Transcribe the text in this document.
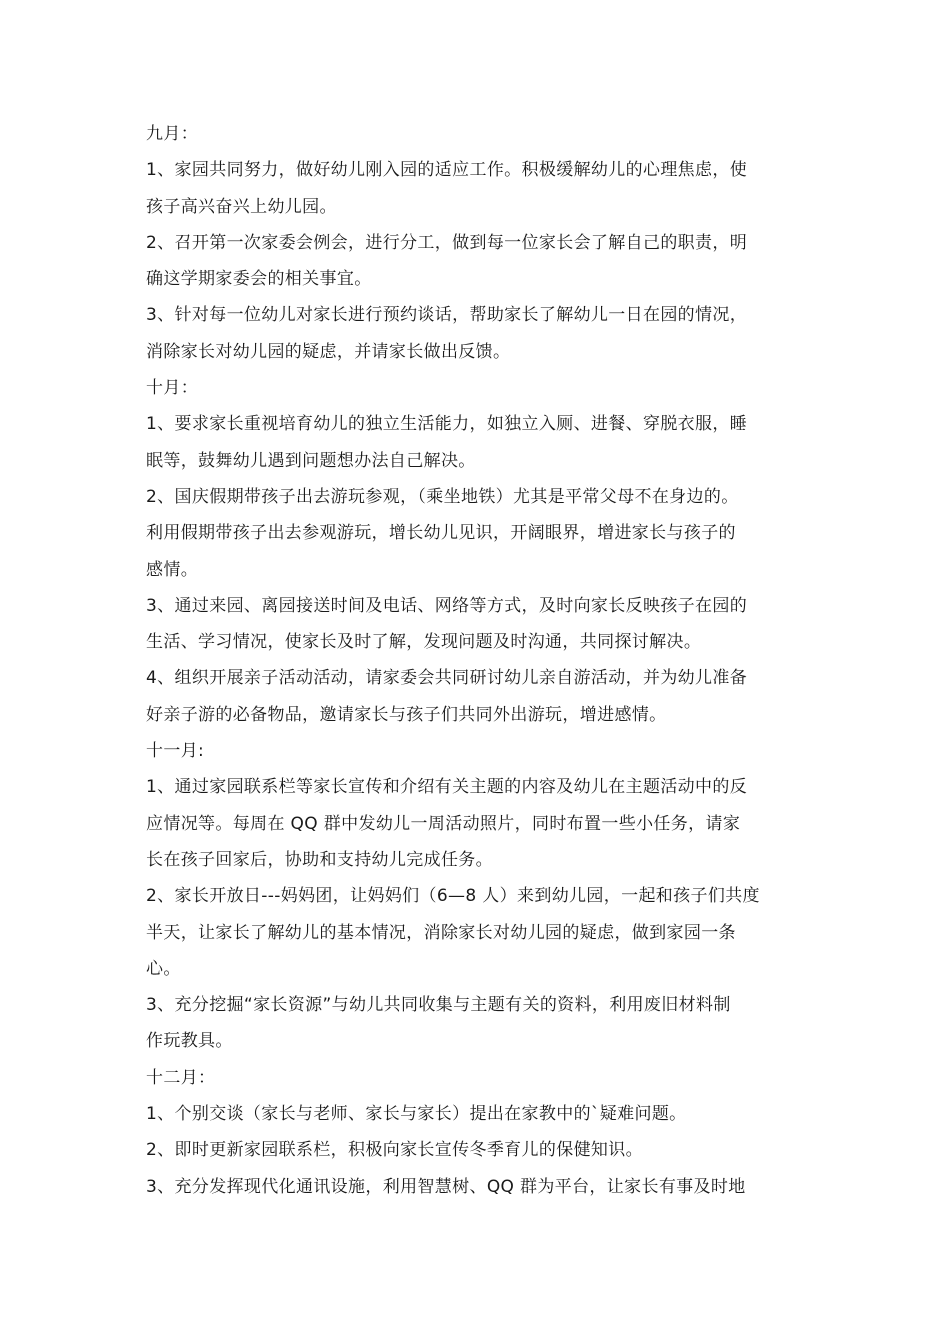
九月：
1、家园共同努力，做好幼儿刚入园的适应工作。积极缓解幼儿的心理焦虑，使
孩子高兴奋兴上幼儿园。
2、召开第一次家委会例会，进行分工，做到每一位家长会了解自己的职责，明
确这学期家委会的相关事宜。
3、针对每一位幼儿对家长进行预约谈话，帮助家长了解幼儿一日在园的情况，
消除家长对幼儿园的疑虑，并请家长做出反馈。
十月：
1、要求家长重视培育幼儿的独立生活能力，如独立入厕、进餐、穿脱衣服，睡
眠等，鼓舞幼儿遇到问题想办法自己解决。
2、国庆假期带孩子出去游玩参观，（乘坐地铁）尤其是平常父母不在身边的。
利用假期带孩子出去参观游玩，增长幼儿见识，开阔眼界，增进家长与孩子的
感情。
3、通过来园、离园接送时间及电话、网络等方式，及时向家长反映孩子在园的
生活、学习情况，使家长及时了解，发现问题及时沟通，共同探讨解决。
4、组织开展亲子活动活动，请家委会共同研讨幼儿亲自游活动，并为幼儿准备
好亲子游的必备物品，邀请家长与孩子们共同外出游玩，增进感情。
十一月:
1、通过家园联系栏等家长宣传和介绍有关主题的内容及幼儿在主题活动中的反
应情况等。每周在 QQ 群中发幼儿一周活动照片，同时布置一些小任务，请家
长在孩子回家后，协助和支持幼儿完成任务。
2、家长开放日---妈妈团，让妈妈们（6—8 人）来到幼儿园，一起和孩子们共度
半天，让家长了解幼儿的基本情况，消除家长对幼儿园的疑虑，做到家园一条
心。
3、充分挖掘“家长资源”与幼儿共同收集与主题有关的资料，利用废旧材料制
作玩教具。
十二月：
1、个别交谈（家长与老师、家长与家长）提出在家教中的`疑难问题。
2、即时更新家园联系栏，积极向家长宣传冬季育儿的保健知识。
3、充分发挥现代化通讯设施，利用智慧树、QQ 群为平台，让家长有事及时地
